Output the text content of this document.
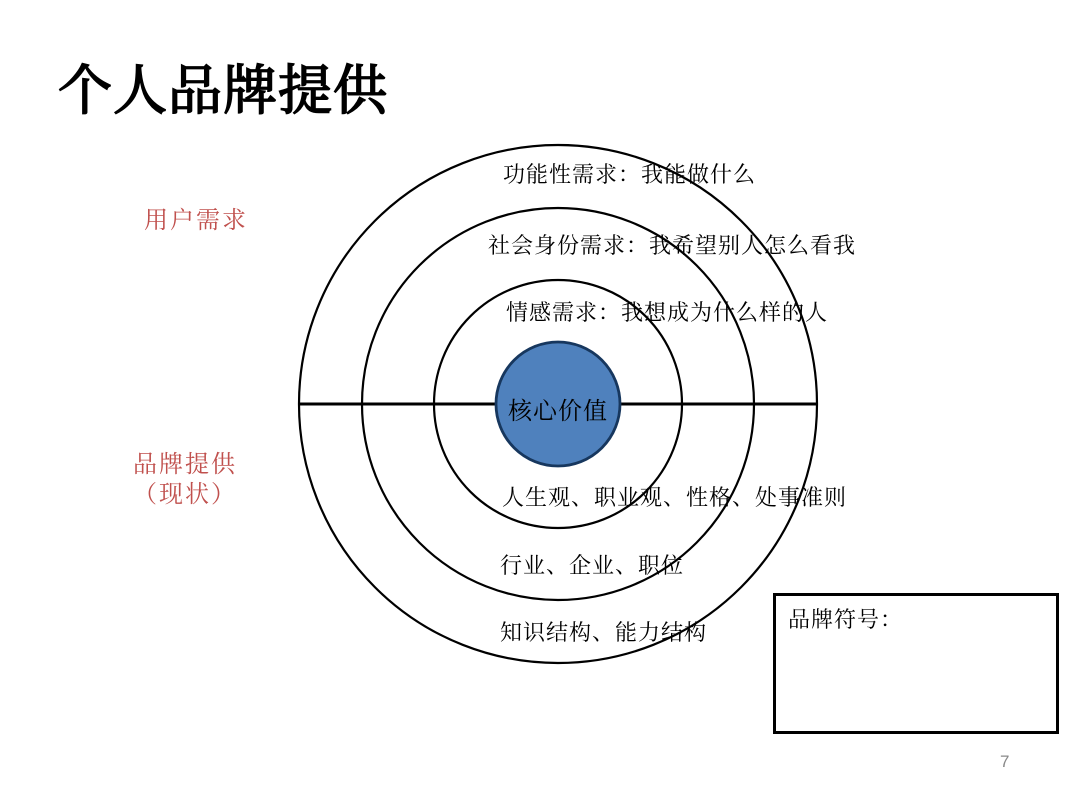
个人品牌提供
用户需求
品牌提供
（现状）
功能性需求：我能做什么
社会身份需求：我希望别人怎么看我
情感需求：我想成为什么样的人
核心价值
人生观、职业观、性格、处事准则
行业、企业、职位
知识结构、能力结构
品牌符号：
7
